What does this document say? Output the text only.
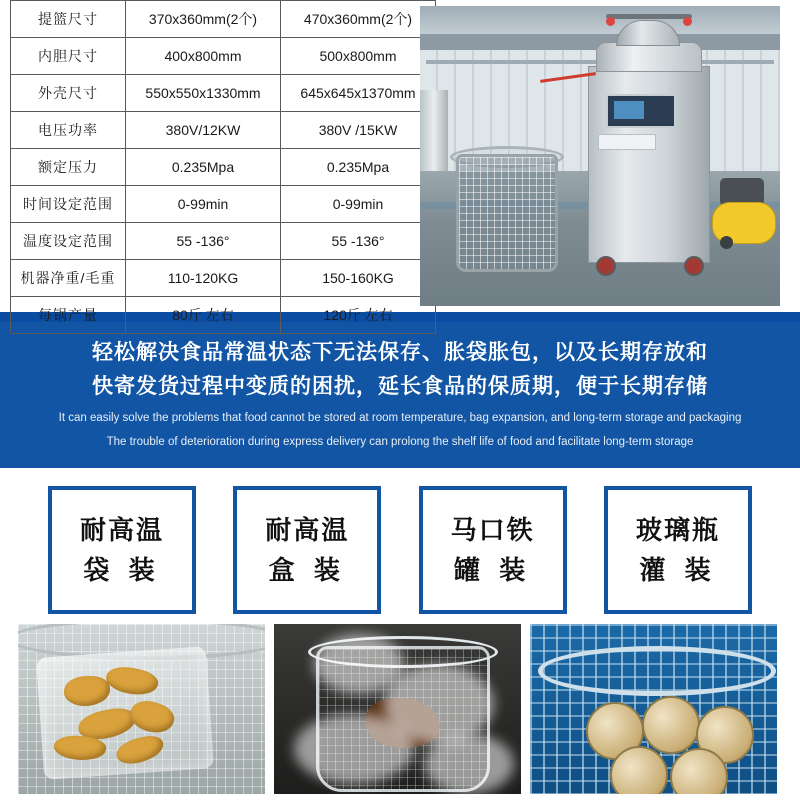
提篮尺寸	370x360mm(2个)	470x360mm(2个)
内胆尺寸	400x800mm	500x800mm
外壳尺寸	550x550x1330mm	645x645x1370mm
电压功率	380V/12KW	380V /15KW
额定压力	0.235Mpa	0.235Mpa
时间设定范围	0-99min	0-99min
温度设定范围	55 -136°	55 -136°
机器净重/毛重	110-120KG	150-160KG
每锅产量	80斤 左右	120斤 左右
轻松解决食品常温状态下无法保存、胀袋胀包，以及长期存放和
快寄发货过程中变质的困扰，延长食品的保质期，便于长期存储
It can easily solve the problems that food cannot be stored at room temperature, bag expansion, and long-term storage and packaging
The trouble of deterioration during express delivery can prolong the shelf life of food and facilitate long-term storage
耐高温
袋 装
耐高温
盒 装
马口铁
罐 装
玻璃瓶
灌 装
